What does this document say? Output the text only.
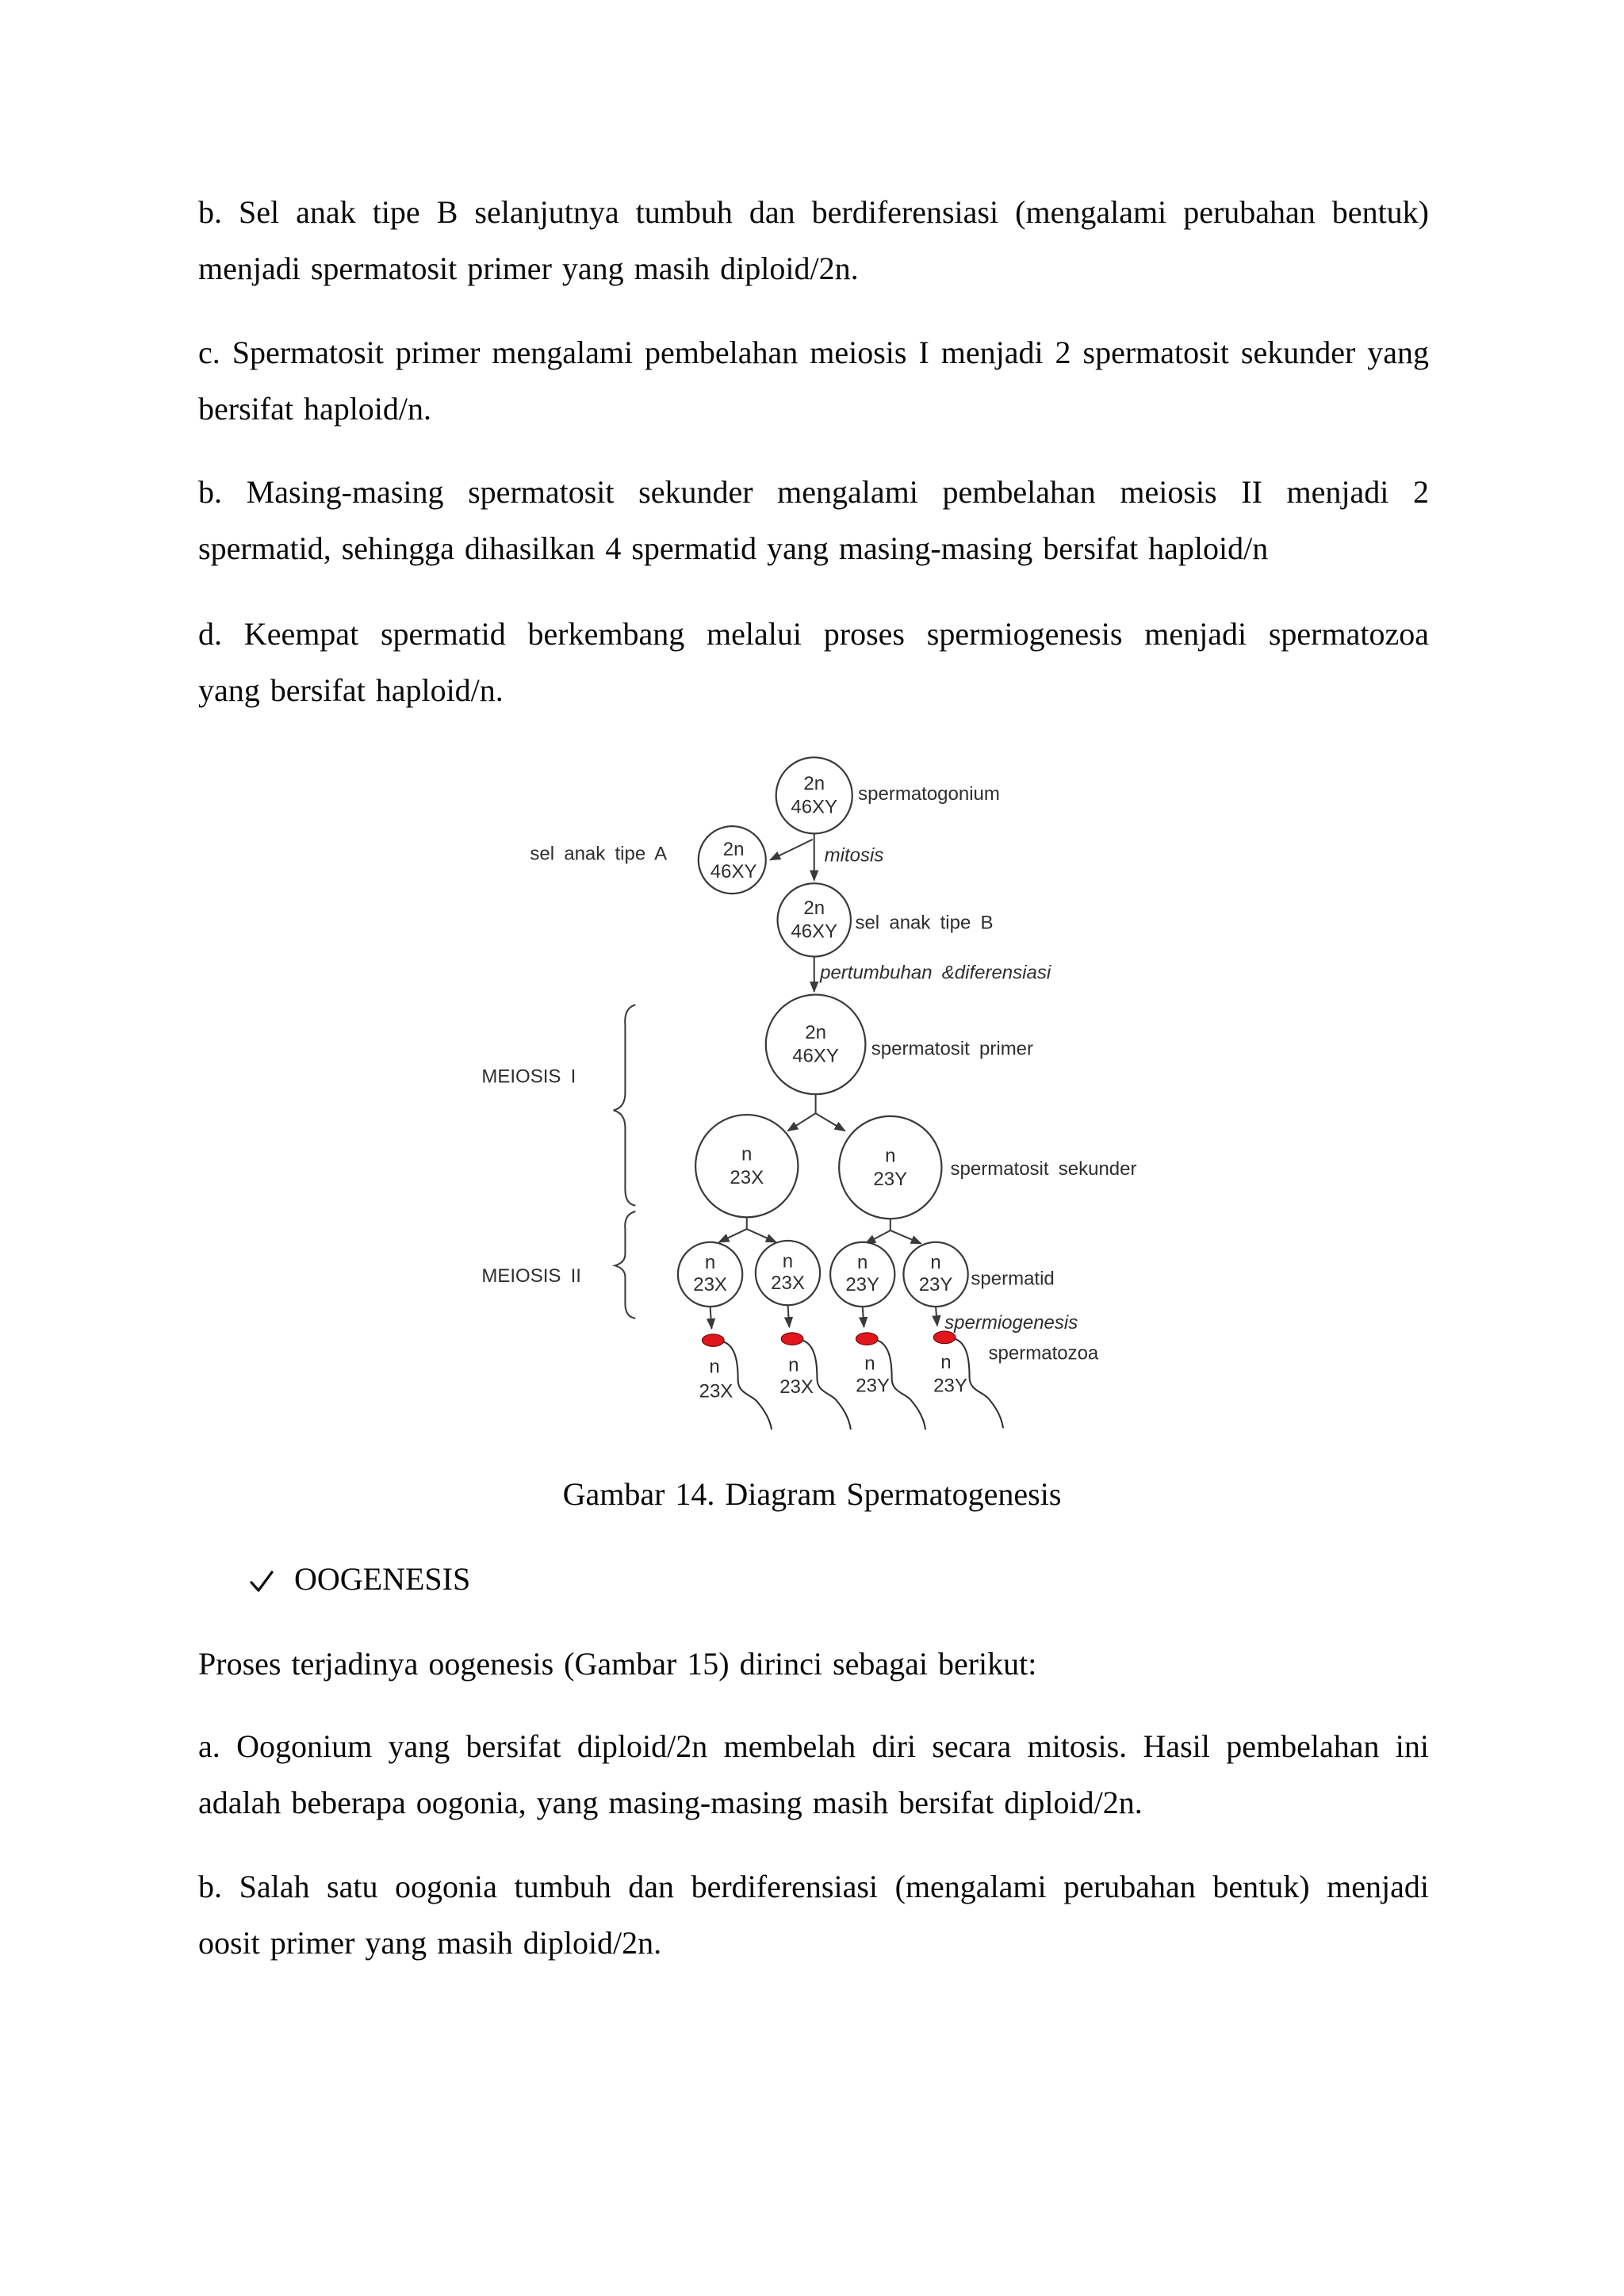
b. Sel anak tipe B selanjutnya tumbuh dan berdiferensiasi (mengalami perubahan bentuk)
menjadi spermatosit primer yang masih diploid/2n.
c. Spermatosit primer mengalami pembelahan meiosis I menjadi 2 spermatosit sekunder yang
bersifat haploid/n.
b. Masing-masing spermatosit sekunder mengalami pembelahan meiosis II menjadi 2
spermatid, sehingga dihasilkan 4 spermatid yang masing-masing bersifat haploid/n
d. Keempat spermatid berkembang melalui proses spermiogenesis menjadi spermatozoa
yang bersifat haploid/n.
2n
46XY
2n
46XY
2n
46XY
2n
46XY
n
23X
n
23Y
n
23X
n
23X
n
23Y
n
23Y
n
23X
n
23X
n
23Y
n
23Y
spermatogonium
sel anak tipe A	mitosis
sel anak tipe B
pertumbuhan &diferensiasi
MEIOSIS I
spermatosit primer
spermatosit sekunder
MEIOSIS II	spermatid
spermiogenesis
spermatozoa
Gambar 14. Diagram Spermatogenesis
OOGENESIS
Proses terjadinya oogenesis (Gambar 15) dirinci sebagai berikut:
a. Oogonium yang bersifat diploid/2n membelah diri secara mitosis. Hasil pembelahan ini
adalah beberapa oogonia, yang masing-masing masih bersifat diploid/2n.
b. Salah satu oogonia tumbuh dan berdiferensiasi (mengalami perubahan bentuk) menjadi
oosit primer yang masih diploid/2n.
